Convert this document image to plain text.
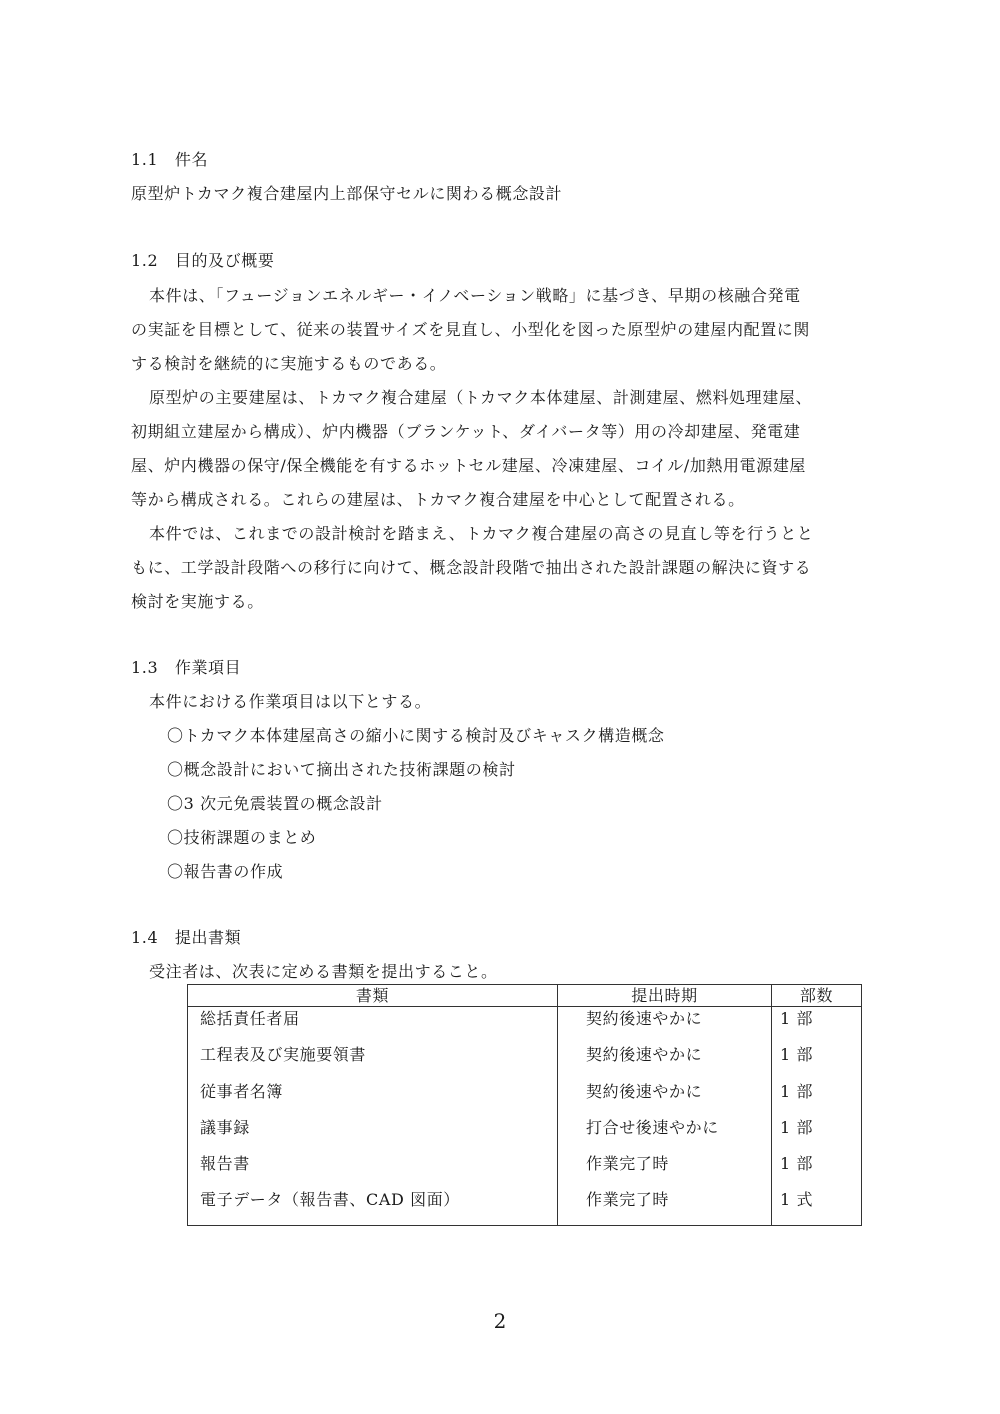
1.1　件名
原型炉トカマク複合建屋内上部保守セルに関わる概念設計
1.2　目的及び概要
本件は、「フュージョンエネルギー・イノベーション戦略」に基づき、早期の核融合発電
の実証を目標として、従来の装置サイズを見直し、小型化を図った原型炉の建屋内配置に関
する検討を継続的に実施するものである。
原型炉の主要建屋は、トカマク複合建屋（トカマク本体建屋、計測建屋、燃料処理建屋、
初期組立建屋から構成）、炉内機器（ブランケット、ダイバータ等）用の冷却建屋、発電建
屋、炉内機器の保守/保全機能を有するホットセル建屋、冷凍建屋、コイル/加熱用電源建屋
等から構成される。これらの建屋は、トカマク複合建屋を中心として配置される。
本件では、これまでの設計検討を踏まえ、トカマク複合建屋の高さの見直し等を行うとと
もに、工学設計段階への移行に向けて、概念設計段階で抽出された設計課題の解決に資する
検討を実施する。
1.3　作業項目
本件における作業項目は以下とする。
〇トカマク本体建屋高さの縮小に関する検討及びキャスク構造概念
〇概念設計において摘出された技術課題の検討
〇3 次元免震装置の概念設計
〇技術課題のまとめ
〇報告書の作成
1.4　提出書類
受注者は、次表に定める書類を提出すること。
書類	提出時期	部数
総括責任者届	契約後速やかに	1 部
工程表及び実施要領書	契約後速やかに	1 部
従事者名簿	契約後速やかに	1 部
議事録	打合せ後速やかに	1 部
報告書	作業完了時	1 部
電子データ（報告書、CAD 図面）	作業完了時	1 式
2
